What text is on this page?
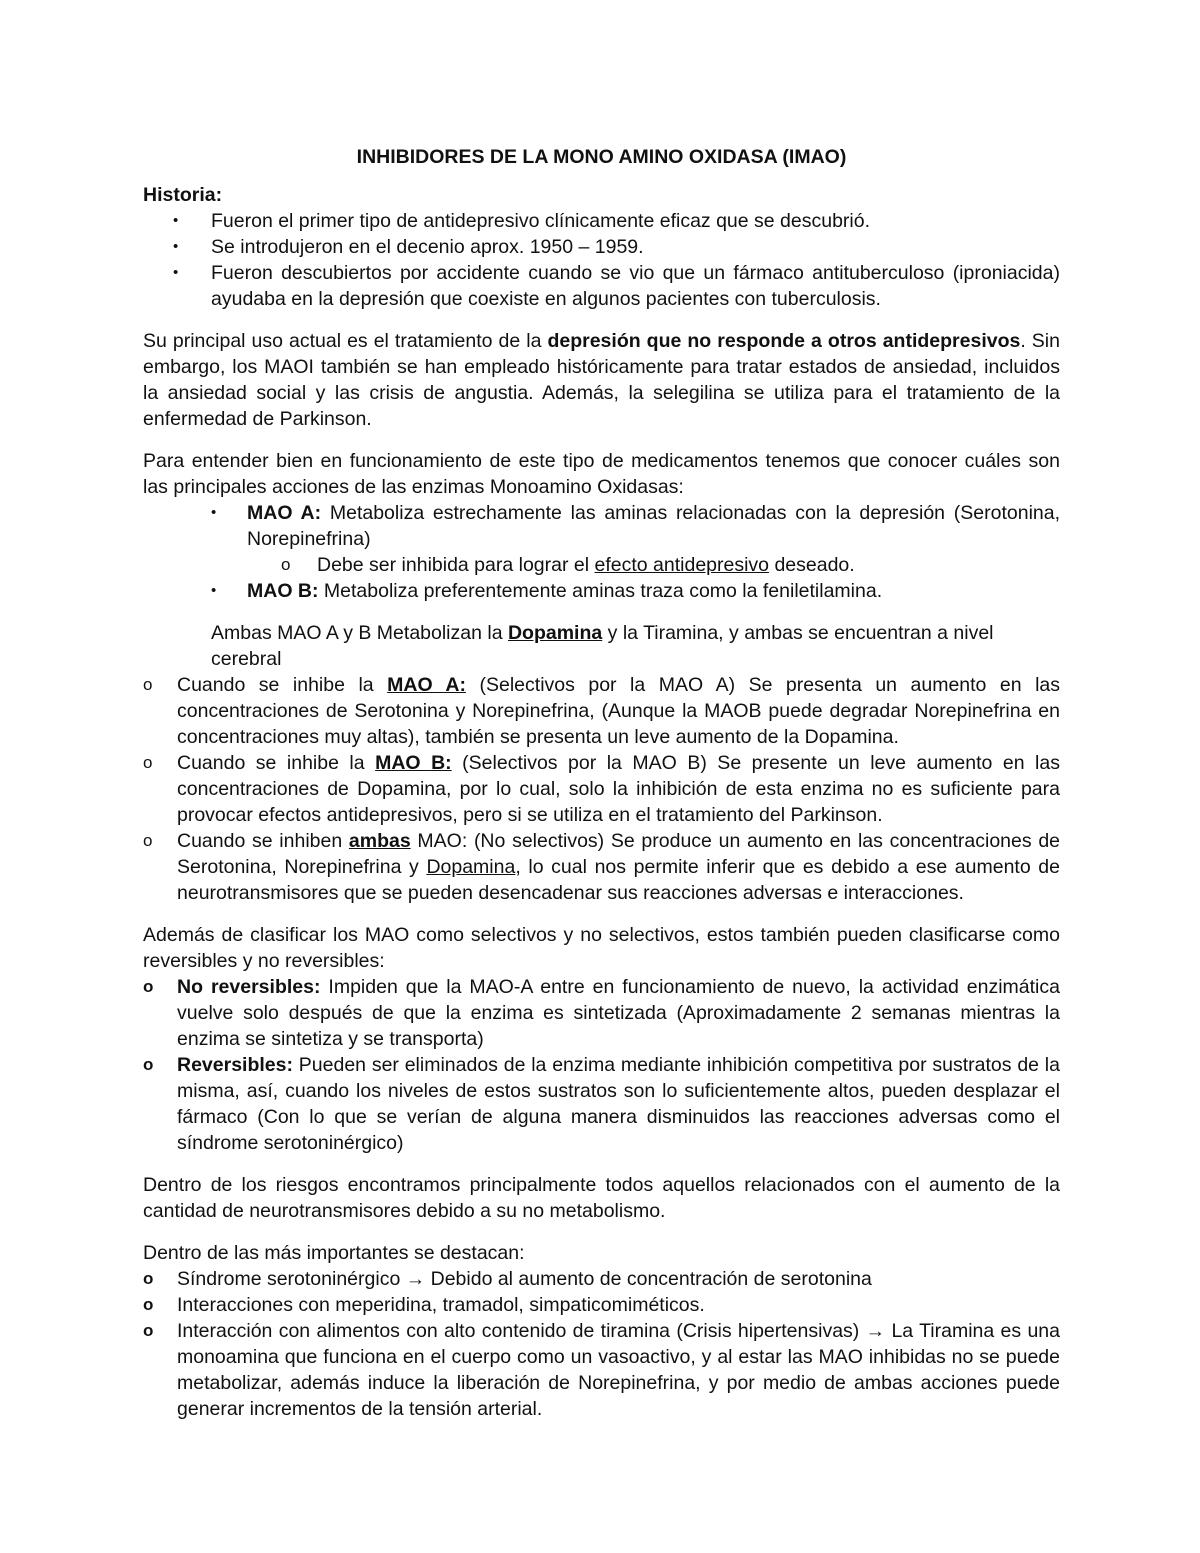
INHIBIDORES DE LA MONO AMINO OXIDASA (IMAO)

Historia:

•	Fueron el primer tipo de antidepresivo clínicamente eficaz que se descubrió.
•	Se introdujeron en el decenio aprox. 1950 – 1959.
•	Fueron descubiertos por accidente cuando se vio que un fármaco antituberculoso (iproniacida) ayudaba en la depresión que coexiste en algunos pacientes con tuberculosis.

Su principal uso actual es el tratamiento de la depresión que no responde a otros antidepresivos. Sin embargo, los MAOI también se han empleado históricamente para tratar estados de ansiedad, incluidos la ansiedad social y las crisis de angustia. Además, la selegilina se utiliza para el tratamiento de la enfermedad de Parkinson.

Para entender bien en funcionamiento de este tipo de medicamentos tenemos que conocer cuáles son las principales acciones de las enzimas Monoamino Oxidasas:

•	MAO A: Metaboliza estrechamente las aminas relacionadas con la depresión (Serotonina, Norepinefrina)
o	Debe ser inhibida para lograr el efecto antidepresivo deseado.
•	MAO B: Metaboliza preferentemente aminas traza como la feniletilamina.

Ambas MAO A y B Metabolizan la Dopamina y la Tiramina, y ambas se encuentran a nivel cerebral

o	Cuando se inhibe la MAO A: (Selectivos por la MAO A) Se presenta un aumento en las concentraciones de Serotonina y Norepinefrina, (Aunque la MAOB puede degradar Norepinefrina en concentraciones muy altas), también se presenta un leve aumento de la Dopamina.
o	Cuando se inhibe la MAO B: (Selectivos por la MAO B) Se presente un leve aumento en las concentraciones de Dopamina, por lo cual, solo la inhibición de esta enzima no es suficiente para provocar efectos antidepresivos, pero si se utiliza en el tratamiento del Parkinson.
o	Cuando se inhiben ambas MAO: (No selectivos) Se produce un aumento en las concentraciones de Serotonina, Norepinefrina y Dopamina, lo cual nos permite inferir que es debido a ese aumento de neurotransmisores que se pueden desencadenar sus reacciones adversas e interacciones.

Además de clasificar los MAO como selectivos y no selectivos, estos también pueden clasificarse como reversibles y no reversibles:

o	No reversibles: Impiden que la MAO-A entre en funcionamiento de nuevo, la actividad enzimática vuelve solo después de que la enzima es sintetizada (Aproximadamente 2 semanas mientras la enzima se sintetiza y se transporta)
o	Reversibles: Pueden ser eliminados de la enzima mediante inhibición competitiva por sustratos de la misma, así, cuando los niveles de estos sustratos son lo suficientemente altos, pueden desplazar el fármaco (Con lo que se verían de alguna manera disminuidos las reacciones adversas como el síndrome serotoninérgico)

Dentro de los riesgos encontramos principalmente todos aquellos relacionados con el aumento de la cantidad de neurotransmisores debido a su no metabolismo.

Dentro de las más importantes se destacan:

o	Síndrome serotoninérgico → Debido al aumento de concentración de serotonina
o	Interacciones con meperidina, tramadol, simpaticomiméticos.
o	Interacción con alimentos con alto contenido de tiramina (Crisis hipertensivas) → La Tiramina es una monoamina que funciona en el cuerpo como un vasoactivo, y al estar las MAO inhibidas no se puede metabolizar, además induce la liberación de Norepinefrina, y por medio de ambas acciones puede generar incrementos de la tensión arterial.
